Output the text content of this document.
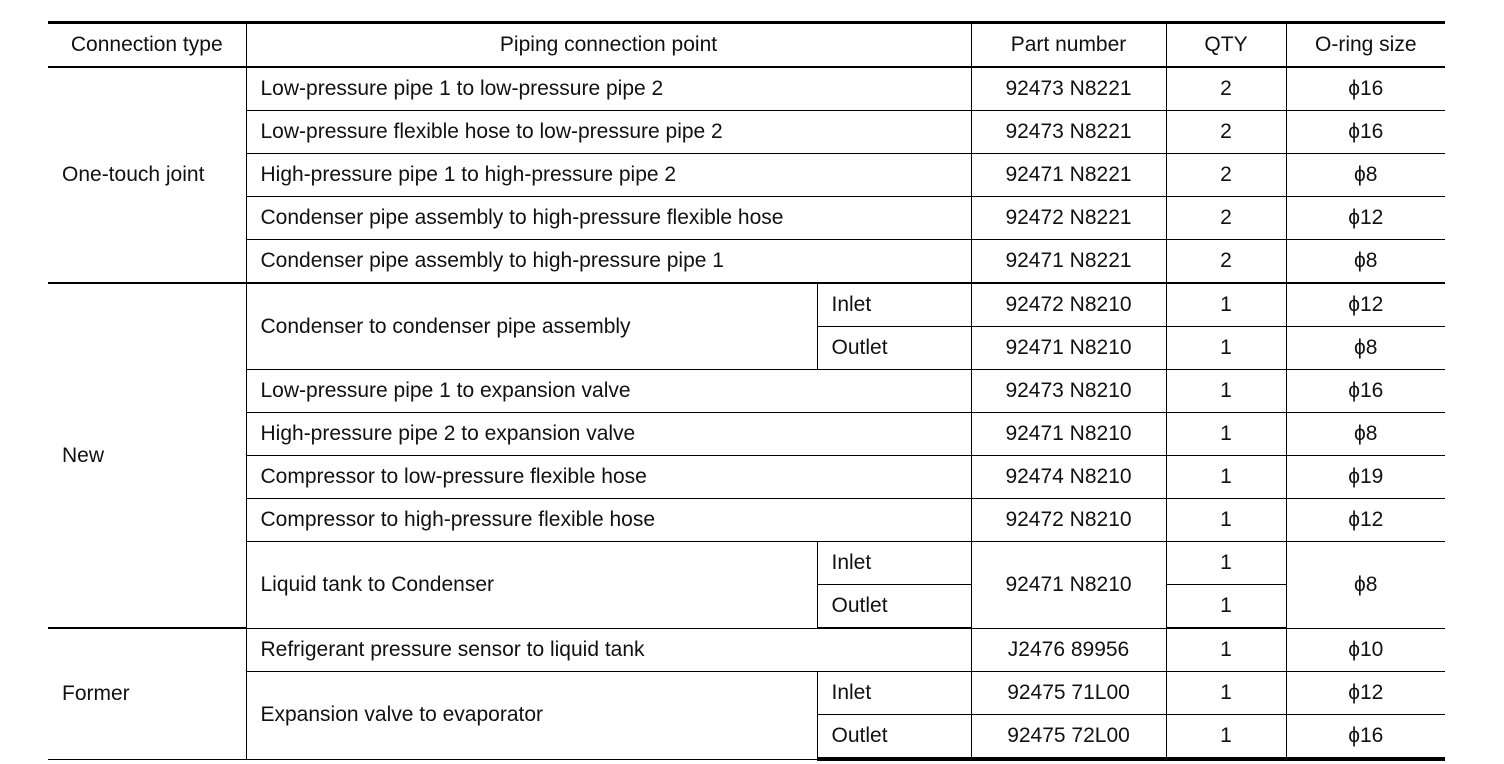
Connection type	Piping connection point		Part number	QTY	O-ring size
One-touch joint	Low-pressure pipe 1 to low-pressure pipe 2		92473 N8221	2	ϕ16
	Low-pressure flexible hose to low-pressure pipe 2		92473 N8221	2	ϕ16
	High-pressure pipe 1 to high-pressure pipe 2		92471 N8221	2	ϕ8
	Condenser pipe assembly to high-pressure flexible hose		92472 N8221	2	ϕ12
	Condenser pipe assembly to high-pressure pipe 1		92471 N8221	2	ϕ8
New	Condenser to condenser pipe assembly	Inlet	92472 N8210	1	ϕ12
		Outlet	92471 N8210	1	ϕ8
	Low-pressure pipe 1 to expansion valve		92473 N8210	1	ϕ16
	High-pressure pipe 2 to expansion valve		92471 N8210	1	ϕ8
	Compressor to low-pressure flexible hose		92474 N8210	1	ϕ19
	Compressor to high-pressure flexible hose		92472 N8210	1	ϕ12
	Liquid tank to Condenser	Inlet	92471 N8210	1	ϕ8
		Outlet		1	
Former	Refrigerant pressure sensor to liquid tank		J2476 89956	1	ϕ10
	Expansion valve to evaporator	Inlet	92475 71L00	1	ϕ12
		Outlet	92475 72L00	1	ϕ16
